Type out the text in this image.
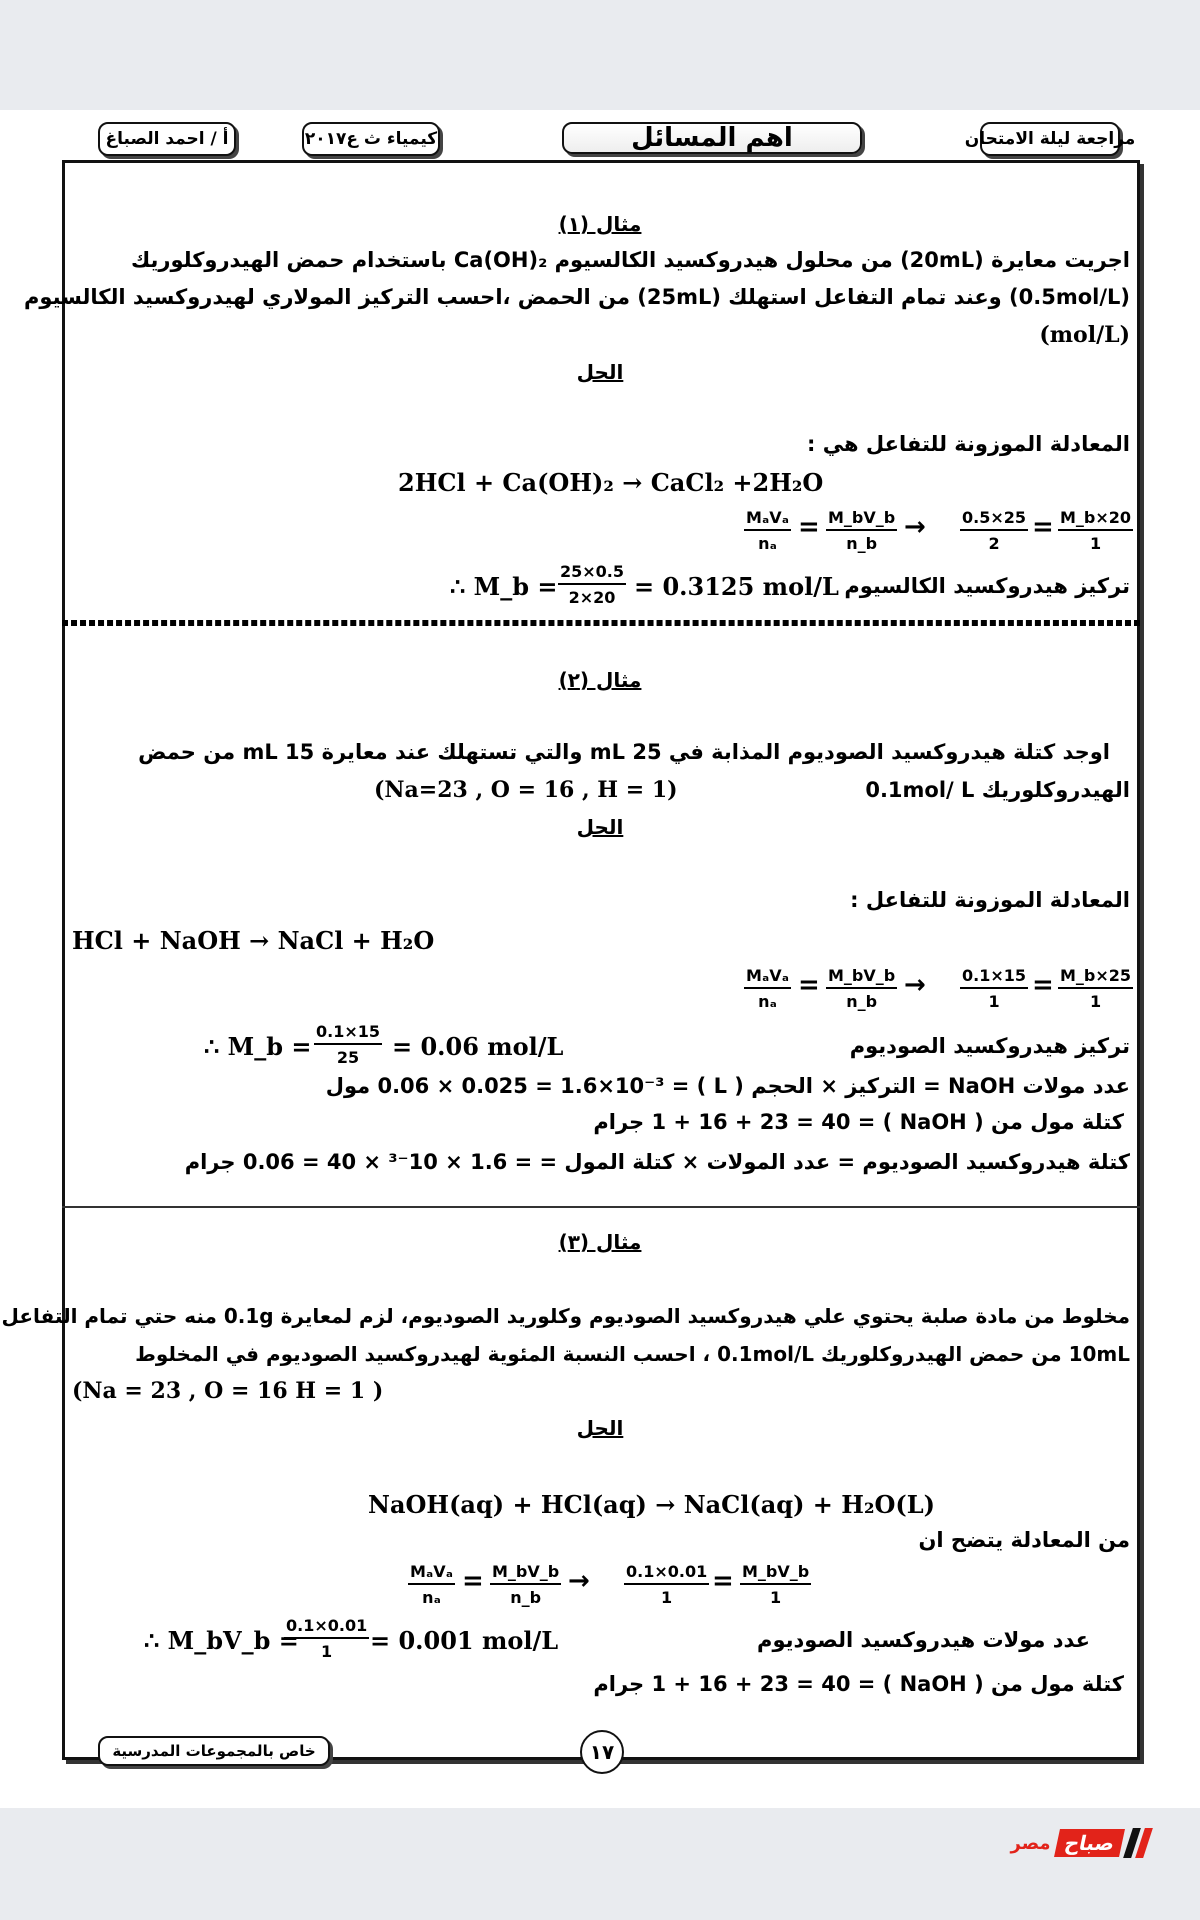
مراجعة ليلة الامتحان
اهم المسائل
كيمياء ث ع٢٠١٧
أ / احمد الصباغ
مثال (١)
اجريت معايرة (20mL) من محلول هيدروكسيد الكالسيوم Ca(OH)₂ باستخدام حمض الهيدروكلوريك
(0.5mol/L) وعند تمام التفاعل استهلك (25mL) من الحمض ،احسب التركيز المولاري لهيدروكسيد الكالسيوم
(mol/L)
الحل
المعادلة الموزونة للتفاعل هي :
2HCl + Ca(OH)₂ → CaCl₂ +2H₂O
MₐVₐ
nₐ
= $\frac{M\_bV\_b}{n\_b} \to \frac{0.5\times 25}{2} = \frac{M\_b\times 20}{1}$
تركيز هيدروكسيد الكالسيوم
∴ M_b = $\frac{25\times 0.5}{2\times 20} = 0.3125$ mol/L
مثال (٢)
اوجد كتلة هيدروكسيد الصوديوم المذابة في 25 mL والتي تستهلك عند معايرة 15 mL من حمض
الهيدروكلوريك 0.1mol/ L
(Na=23 , O = 16 , H = 1)
الحل
المعادلة الموزونة للتفاعل :
HCl + NaOH → NaCl + H₂O
MₐVₐ
nₐ
= $\frac{M\_bV\_b}{n\_b} \to \frac{0.1\times 15}{1} = \frac{M\_b\times 25}{1}$
تركيز هيدروكسيد الصوديوم
∴ M_b = $\frac{0.1\times 15}{25} = 0.06$ mol/L
عدد مولات NaOH = التركيز × الحجم ( L ) = 0.06 × 0.025 = 1.6×10⁻³ مول
كتلة مول من ( NaOH ) = 1 + 16 + 23 = 40 جرام
كتلة هيدروكسيد الصوديوم = عدد المولات × كتلة المول = = 1.6 × 10⁻³ × 40 = 0.06 جرام
مثال (٣)
مخلوط من مادة صلبة يحتوي علي هيدروكسيد الصوديوم وكلوريد الصوديوم، لزم لمعايرة 0.1g منه حتي تمام التفاعل
10mL من حمض الهيدروكلوريك 0.1mol/L ، احسب النسبة المئوية لهيدروكسيد الصوديوم في المخلوط
(Na = 23 , O = 16 H = 1 )
الحل
NaOH(aq) + HCl(aq) → NaCl(aq) + H₂O(L)
من المعادلة يتضح ان
MₐVₐ
nₐ
= $\frac{M\_bV\_b}{n\_b} \to \frac{0.1\times 0.01}{1} = \frac{M\_bV\_b}{1}$
عدد مولات هيدروكسيد الصوديوم
∴ M_bV_b =
$\frac{0.1\times 0.01}{1} = 0.001$ mol/L
كتلة مول من ( NaOH ) = 1 + 16 + 23 = 40 جرام
خاص بالمجموعات المدرسية	١٧
صباح
مصر
